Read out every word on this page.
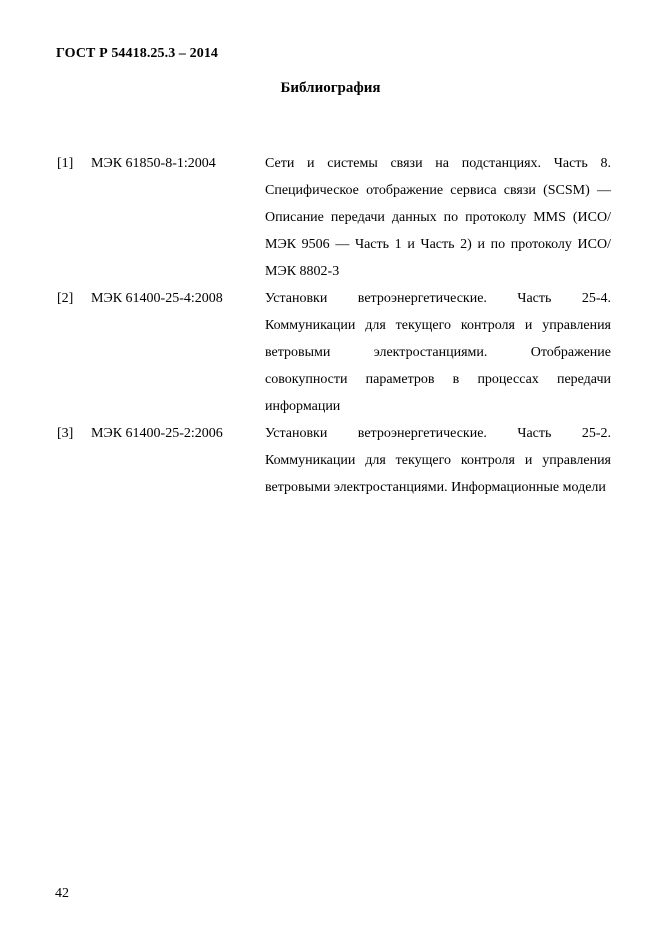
ГОСТ Р 54418.25.3 – 2014
Библиография
[1]	МЭК 61850-8-1:2004	Сети и системы связи на подстанциях. Часть 8. Специфическое отображение сервиса связи (SCSM) — Описание передачи данных по протоколу MMS (ИСО/МЭК 9506 — Часть 1 и Часть 2) и по протоколу ИСО/МЭК 8802-3
[2]	МЭК 61400-25-4:2008	Установки ветроэнергетические. Часть 25-4. Коммуникации для текущего контроля и управления ветровыми электростанциями. Отображение совокупности параметров в процессах передачи информации
[3]	МЭК 61400-25-2:2006	Установки ветроэнергетические. Часть 25-2. Коммуникации для текущего контроля и управления ветровыми электростанциями. Информационные модели
42
